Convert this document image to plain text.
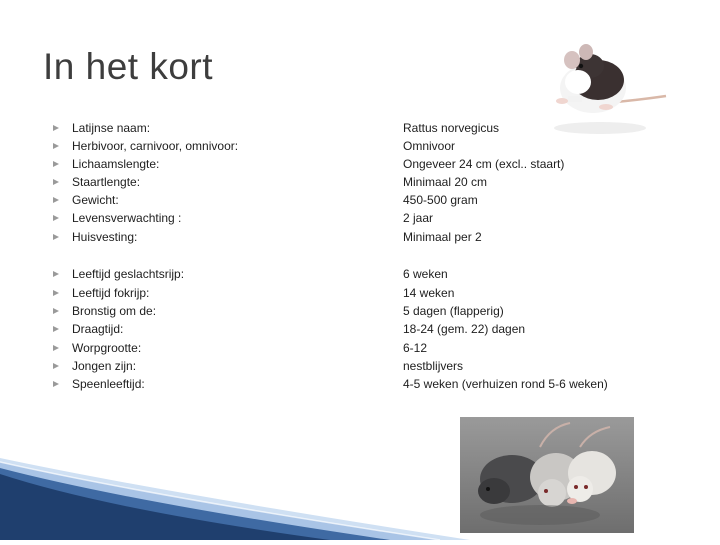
In het kort
Latijnse naam:	Rattus norvegicus
Herbivoor, carnivoor, omnivoor:	Omnivoor
Lichaamslengte:	Ongeveer 24 cm (excl.. staart)
Staartlengte:	Minimaal 20 cm
Gewicht:	450-500 gram
Levensverwachting :	2 jaar
Huisvesting:	Minimaal per 2
Leeftijd geslachtsrijp:	6 weken
Leeftijd fokrijp:	14 weken
Bronstig om de:	5 dagen (flapperig)
Draagtijd:	18-24 (gem. 22) dagen
Worpgrootte:	6-12
Jongen zijn:	nestblijvers
Speenleeftijd:	4-5 weken (verhuizen rond 5-6 weken)
